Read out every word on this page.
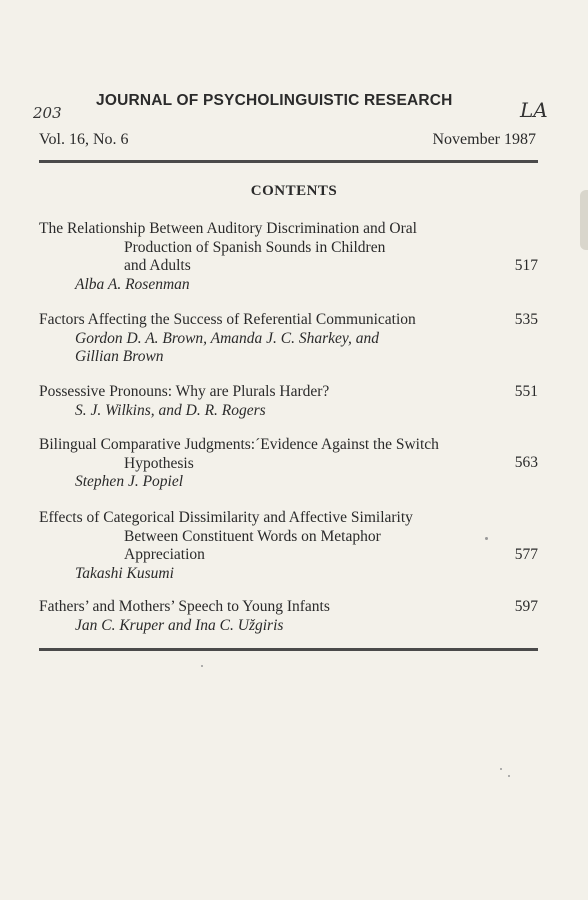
203	LA
JOURNAL OF PSYCHOLINGUISTIC RESEARCH
Vol. 16, No. 6	November 1987
CONTENTS
The Relationship Between Auditory Discrimination and Oral
Production of Spanish Sounds in Children
and Adults
Alba A. Rosenman
517
Factors Affecting the Success of Referential Communication
Gordon D. A. Brown, Amanda J. C. Sharkey, and
Gillian Brown
535
Possessive Pronouns: Why are Plurals Harder?
S. J. Wilkins, and D. R. Rogers
551
Bilingual Comparative Judgments:´Evidence Against the Switch
Hypothesis
Stephen J. Popiel
563
Effects of Categorical Dissimilarity and Affective Similarity
Between Constituent Words on Metaphor
Appreciation
Takashi Kusumi
577
Fathers’ and Mothers’ Speech to Young Infants
Jan C. Kruper and Ina C. Užgiris
597
